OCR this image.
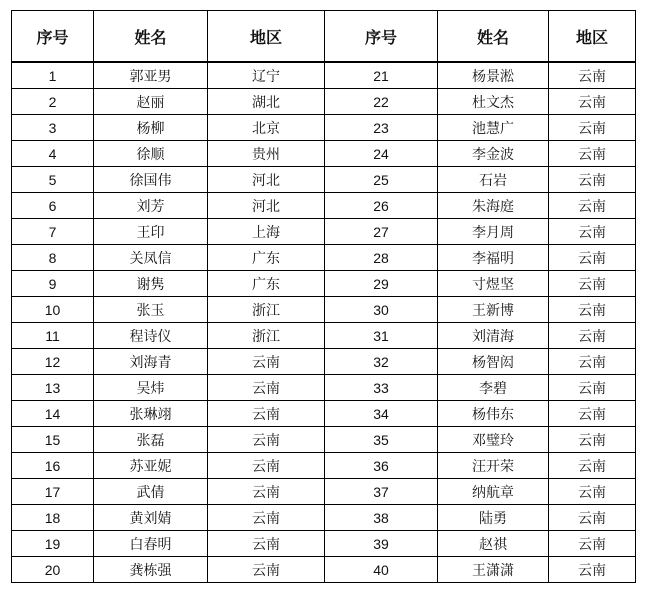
序号	姓名	地区	序号	姓名	地区
1	郭亚男	辽宁	21	杨景淞	云南
2	赵丽	湖北	22	杜文杰	云南
3	杨柳	北京	23	池慧广	云南
4	徐顺	贵州	24	李金波	云南
5	徐国伟	河北	25	石岩	云南
6	刘芳	河北	26	朱海庭	云南
7	王印	上海	27	李月周	云南
8	关凤信	广东	28	李福明	云南
9	谢隽	广东	29	寸煜坚	云南
10	张玉	浙江	30	王新博	云南
11	程诗仪	浙江	31	刘清海	云南
12	刘海青	云南	32	杨智闳	云南
13	吴炜	云南	33	李碧	云南
14	张琳翊	云南	34	杨伟东	云南
15	张磊	云南	35	邓璧玲	云南
16	苏亚妮	云南	36	汪开荣	云南
17	武倩	云南	37	纳航章	云南
18	黄刘婧	云南	38	陆勇	云南
19	白春明	云南	39	赵祺	云南
20	龚栋强	云南	40	王潇潇	云南
